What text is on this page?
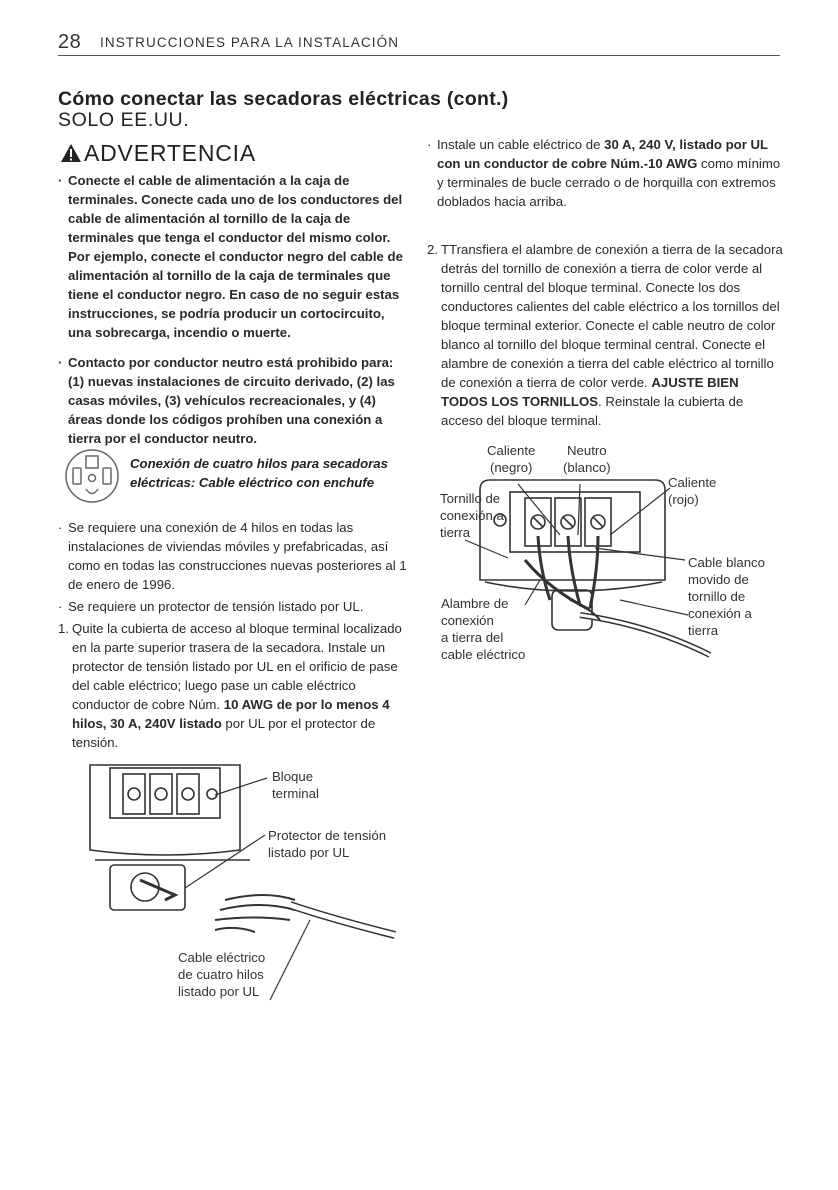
28 INSTRUCCIONES PARA LA INSTALACIÓN
Cómo conectar las secadoras eléctricas (cont.)
SOLO EE.UU.
ADVERTENCIA
· Conecte el cable de alimentación a la caja de terminales. Conecte cada uno de los conductores del cable de alimentación al tornillo de la caja de terminales que tenga el conductor del mismo color. Por ejemplo, conecte el conductor negro del cable de alimentación al tornillo de la caja de terminales que tiene el conductor negro. En caso de no seguir estas instrucciones, se podría producir un cortocircuito, una sobrecarga, incendio o muerte.
· Contacto por conductor neutro está prohibido para: (1) nuevas instalaciones de circuito derivado, (2) las casas móviles, (3) vehículos recreacionales, y (4) áreas donde los códigos prohíben una conexión a tierra por el conductor neutro.
Conexión de cuatro hilos para secadoras eléctricas: Cable eléctrico con enchufe
· Se requiere una conexión de 4 hilos en todas las instalaciones de viviendas móviles y prefabricadas, así como en todas las construcciones nuevas posteriores al 1 de enero de 1996.
· Se requiere un protector de tensión listado por UL.
1. Quite la cubierta de acceso al bloque terminal localizado en la parte superior trasera de la secadora. Instale un protector de tensión listado por UL en el orificio de pase del cable eléctrico; luego pase un cable eléctrico conductor de cobre Núm. 10 AWG de por lo menos 4 hilos, 30 A, 240V listado por UL por el protector de tensión.
· Instale un cable eléctrico de 30 A, 240 V, listado por UL con un conductor de cobre Núm.-10 AWG como mínimo y terminales de bucle cerrado o de horquilla con extremos doblados hacia arriba.
2. TTransfiera el alambre de conexión a tierra de la secadora detrás del tornillo de conexión a tierra de color verde al tornillo central del bloque terminal. Conecte los dos conductores calientes del cable eléctrico a los tornillos del bloque terminal exterior. Conecte el cable neutro de color blanco al tornillo del bloque terminal central. Conecte el alambre de conexión a tierra del cable eléctrico al tornillo de conexión a tierra de color verde. AJUSTE BIEN TODOS LOS TORNILLOS. Reinstale la cubierta de acceso del bloque terminal.
Caliente
(negro)
Neutro
(blanco)
Caliente
(rojo)
Tornillo de
conexión a
tierra
Cable blanco
movido de
tornillo de
conexión a
tierra
Alambre de
conexión
a tierra del
cable eléctrico
Bloque
terminal
Protector de tensión
listado por UL
Cable eléctrico
de cuatro hilos
listado por UL
